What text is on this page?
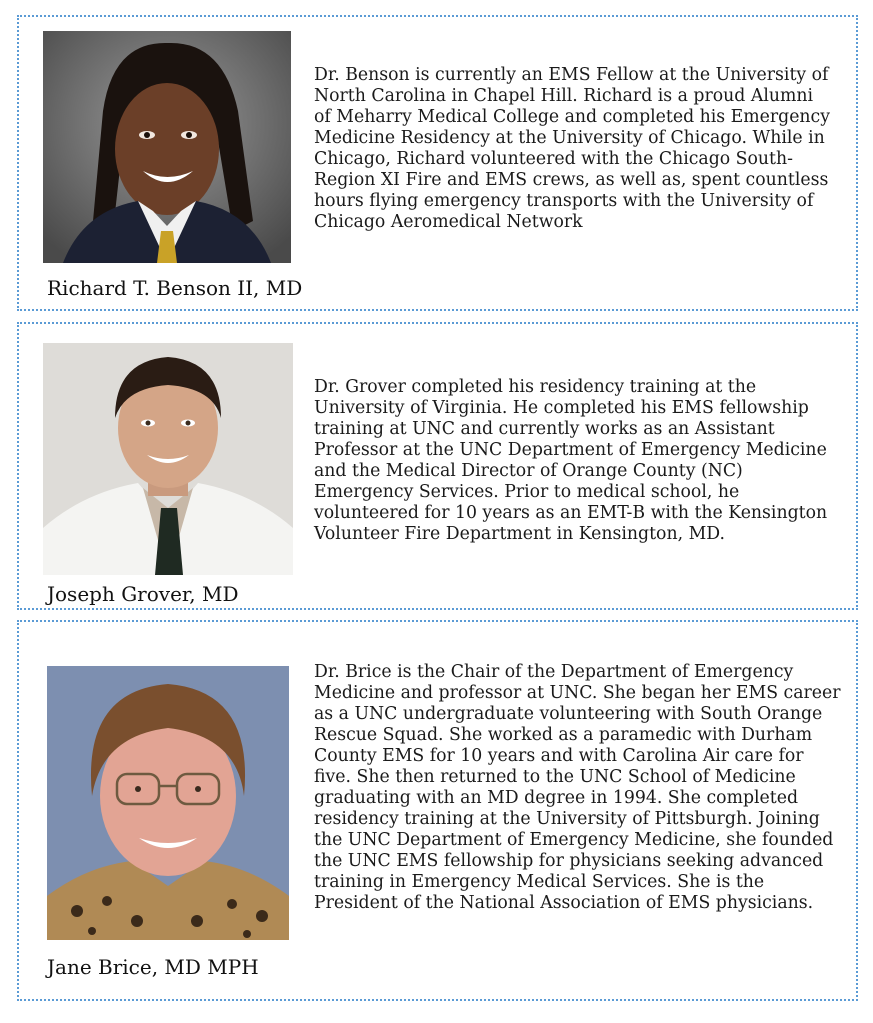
Dr. Benson is currently an EMS Fellow at the University of North Carolina in Chapel Hill. Richard is a proud Alumni of Meharry Medical College and completed his Emergency Medicine Residency at the University of Chicago. While in Chicago, Richard volunteered with the Chicago South-Region XI Fire and EMS crews, as well as, spent countless hours flying emergency transports with the University of Chicago Aeromedical Network

Richard T. Benson II, MD

Dr. Grover completed his residency training at the University of Virginia. He completed his EMS fellowship training at UNC and currently works as an Assistant Professor at the UNC Department of Emergency Medicine and the Medical Director of Orange County (NC) Emergency Services. Prior to medical school, he volunteered for 10 years as an EMT-B with the Kensington Volunteer Fire Department in Kensington, MD.

Joseph Grover, MD

Dr. Brice is the Chair of the Department of Emergency Medicine and professor at UNC. She began her EMS career as a UNC undergraduate volunteering with South Orange Rescue Squad. She worked as a paramedic with Durham County EMS for 10 years and with Carolina Air care for five. She then returned to the UNC School of Medicine graduating with an MD degree in 1994. She completed residency training at the University of Pittsburgh. Joining the UNC Department of Emergency Medicine, she founded the UNC EMS fellowship for physicians seeking advanced training in Emergency Medical Services. She is the President of the National Association of EMS physicians.

Jane Brice, MD MPH
